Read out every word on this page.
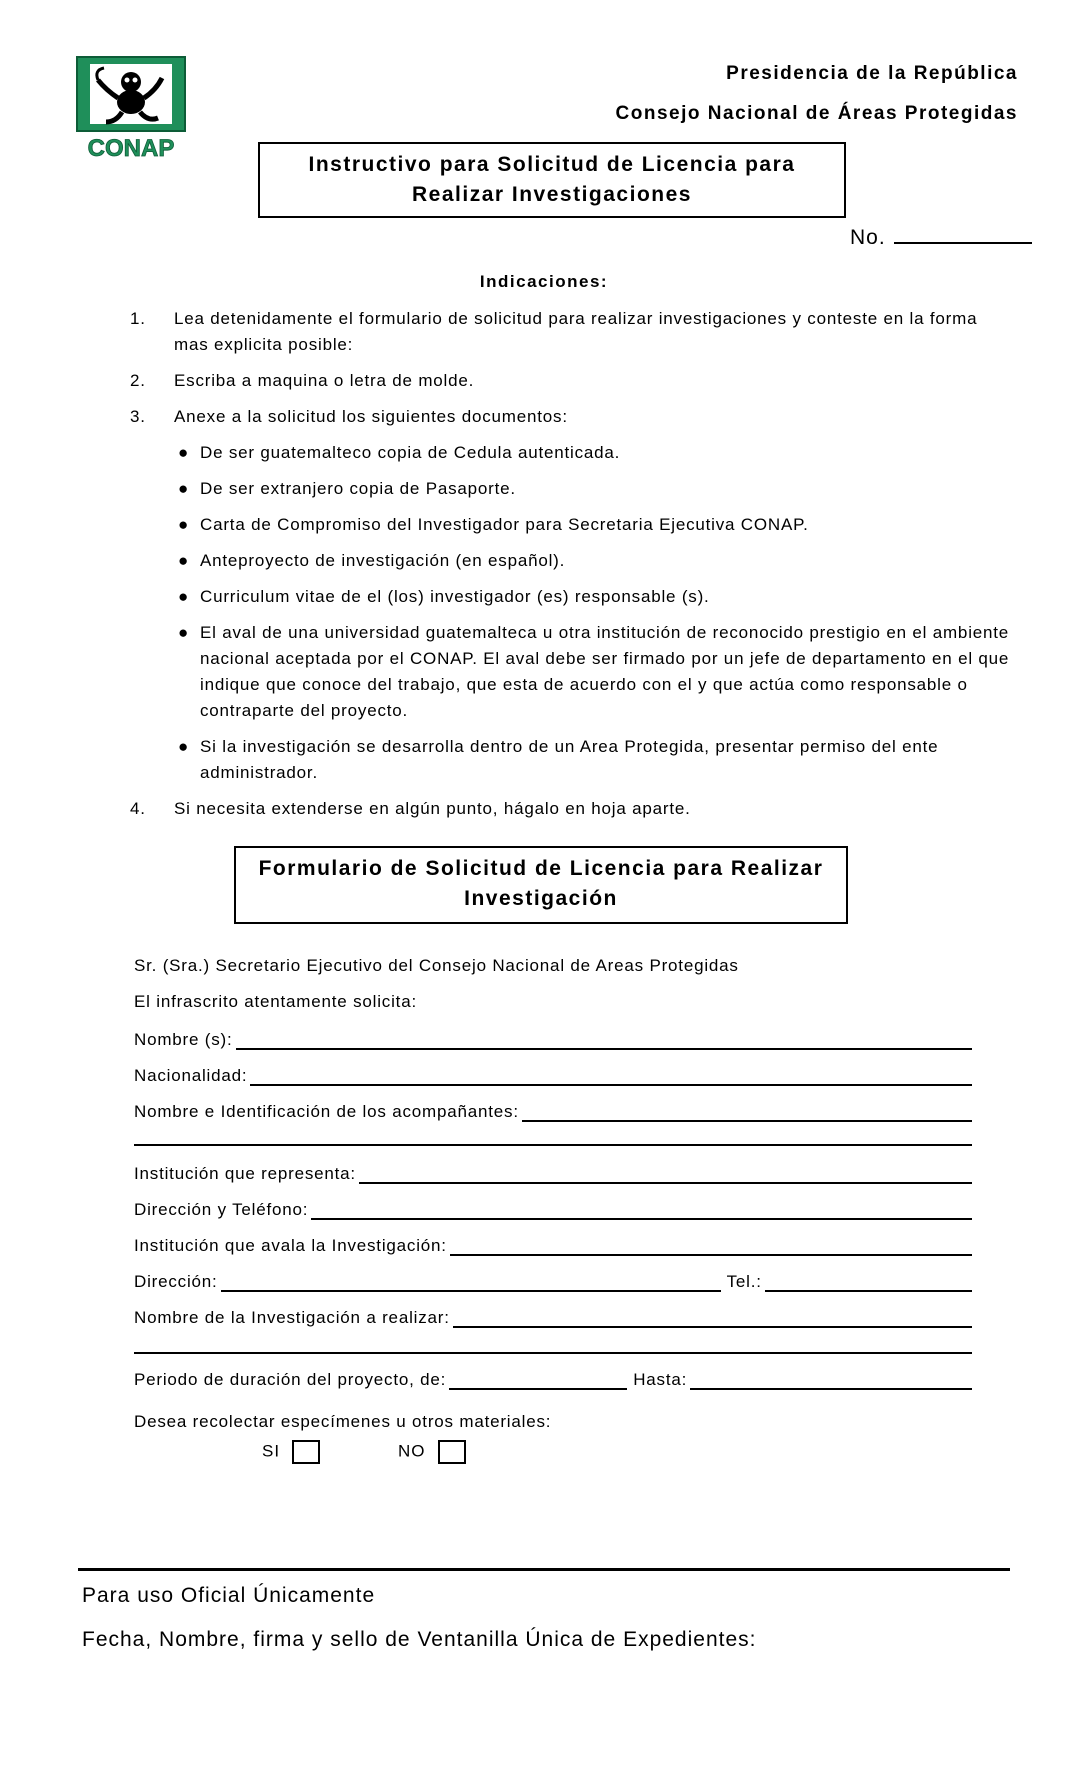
CONAP
Presidencia de la República
Consejo Nacional de Áreas Protegidas
Instructivo para Solicitud de Licencia para
Realizar Investigaciones
No.
Indicaciones:
1.	Lea detenidamente el formulario de solicitud para realizar investigaciones y conteste en la forma mas explicita posible:
2.	Escriba a maquina o letra de molde.
3.	Anexe a la solicitud los siguientes documentos:
● De ser guatemalteco copia de Cedula autenticada.
● De ser extranjero copia de Pasaporte.
● Carta de Compromiso del Investigador para Secretaria Ejecutiva CONAP.
● Anteproyecto de investigación (en español).
● Curriculum vitae de el (los) investigador (es) responsable (s).
● El aval de una universidad guatemalteca u otra institución de reconocido prestigio en el ambiente nacional aceptada por el CONAP. El aval debe ser firmado por un jefe de departamento en el que indique que conoce del trabajo, que esta de acuerdo con el y que actúa como responsable o contraparte del proyecto.
● Si la investigación se desarrolla dentro de un Area Protegida, presentar permiso del ente administrador.
4.	Si necesita extenderse en algún punto, hágalo en hoja aparte.
Formulario de Solicitud de Licencia para Realizar
Investigación
Sr. (Sra.) Secretario Ejecutivo del Consejo Nacional de Areas Protegidas
El infrascrito atentamente solicita:
Nombre (s):
Nacionalidad:
Nombre e Identificación de los acompañantes:
Institución que representa:
Dirección y Teléfono:
Institución que avala la Investigación:
Dirección:	Tel.:
Nombre de la Investigación a realizar:
Periodo de duración del proyecto, de:	Hasta:
Desea recolectar especímenes u otros materiales:
SI	NO
Para uso Oficial Únicamente
Fecha, Nombre, firma y sello de Ventanilla Única de Expedientes:
